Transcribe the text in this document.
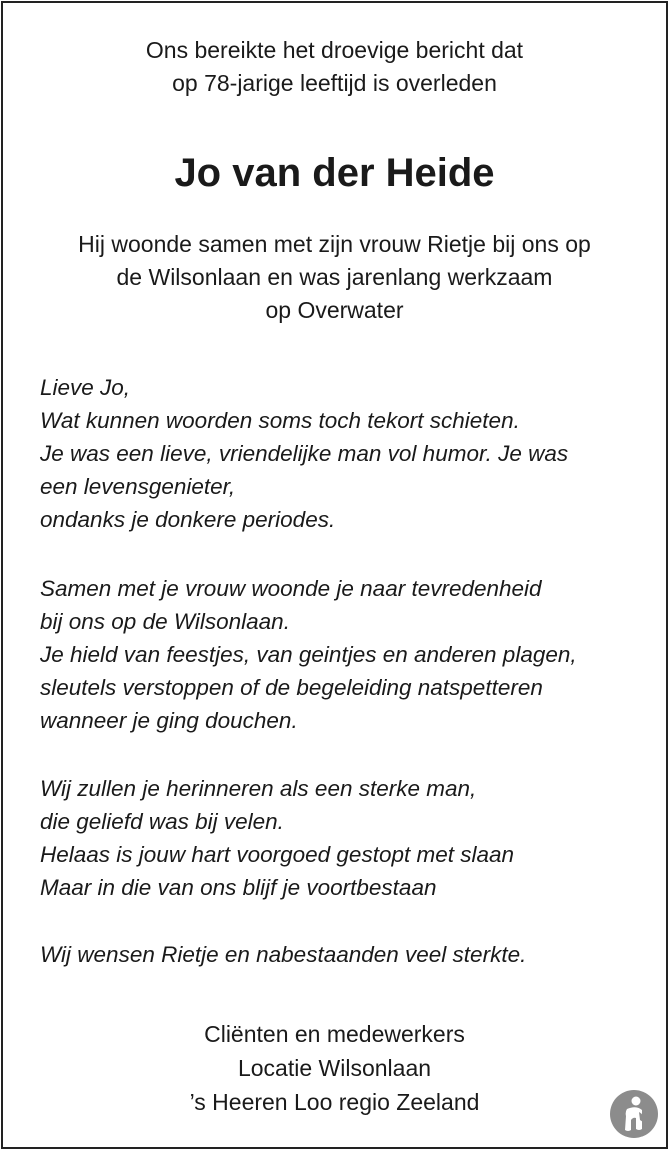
Ons bereikte het droevige bericht dat
op 78-jarige leeftijd is overleden
Jo van der Heide
Hij woonde samen met zijn vrouw Rietje bij ons op
de Wilsonlaan en was jarenlang werkzaam
op Overwater
Lieve Jo,
Wat kunnen woorden soms toch tekort schieten.
Je was een lieve, vriendelijke man vol humor. Je was
een levensgenieter,
ondanks je donkere periodes.
Samen met je vrouw woonde je naar tevredenheid
bij ons op de Wilsonlaan.
Je hield van feestjes, van geintjes en anderen plagen,
sleutels verstoppen of de begeleiding natspetteren
wanneer je ging douchen.
Wij zullen je herinneren als een sterke man,
die geliefd was bij velen.
Helaas is jouw hart voorgoed gestopt met slaan
Maar in die van ons blijf je voortbestaan
Wij wensen Rietje en nabestaanden veel sterkte.
Cliënten en medewerkers
Locatie Wilsonlaan
’s Heeren Loo regio Zeeland
